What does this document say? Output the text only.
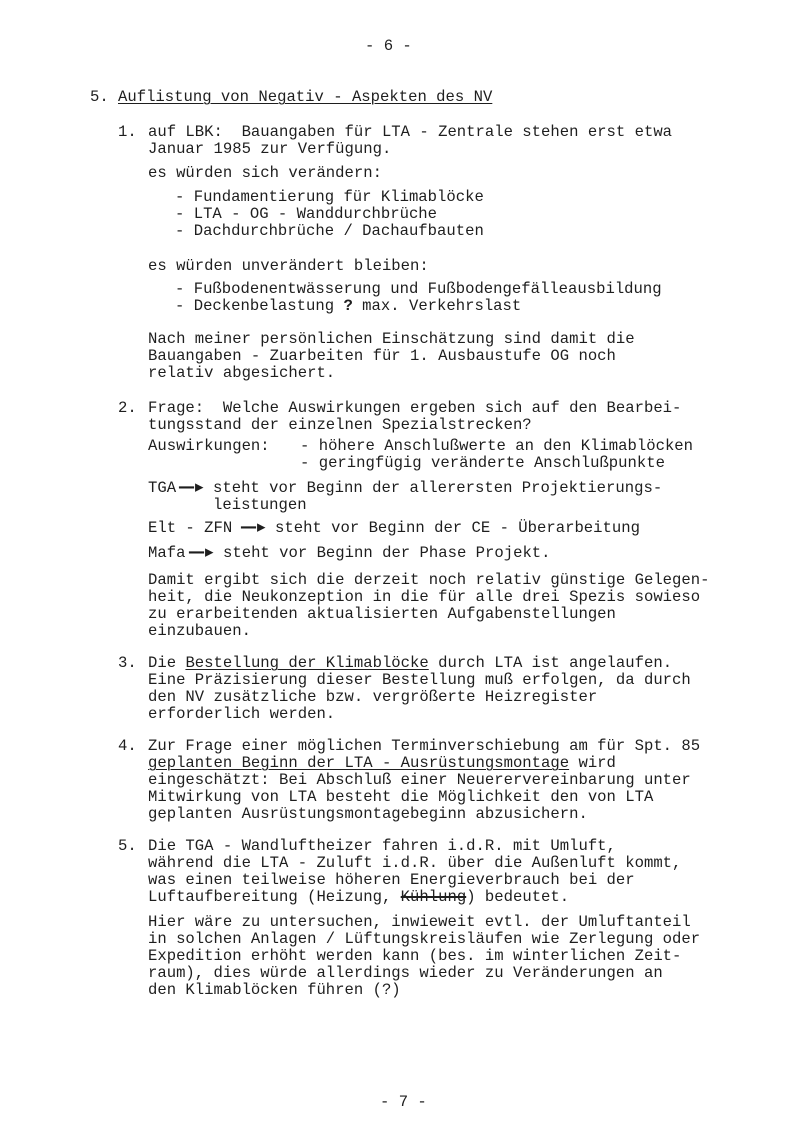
- 6 -
5. Auflistung von Negativ - Aspekten des NV
1. auf LBK:  Bauangaben für LTA - Zentrale stehen erst etwa
Januar 1985 zur Verfügung.
es würden sich verändern:
- Fundamentierung für Klimablöcke
- LTA - OG - Wanddurchbrüche
- Dachdurchbrüche / Dachaufbauten
es würden unverändert bleiben:
- Fußbodenentwässerung und Fußbodengefälleausbildung
- Deckenbelastung ? max. Verkehrslast
Nach meiner persönlichen Einschätzung sind damit die
Bauangaben - Zuarbeiten für 1. Ausbaustufe OG noch
relativ abgesichert.
2. Frage:  Welche Auswirkungen ergeben sich auf den Bearbei-
tungsstand der einzelnen Spezialstrecken?
Auswirkungen: - höhere Anschlußwerte an den Klimablöcken
- geringfügig veränderte Anschlußpunkte
TGA —▸ steht vor Beginn der allerersten Projektierungs-
leistungen
Elt - ZFN —▸ steht vor Beginn der CE - Überarbeitung
Mafa —▸ steht vor Beginn der Phase Projekt.
Damit ergibt sich die derzeit noch relativ günstige Gelegen-
heit, die Neukonzeption in die für alle drei Spezis sowieso
zu erarbeitenden aktualisierten Aufgabenstellungen
einzubauen.
3. Die Bestellung der Klimablöcke durch LTA ist angelaufen.
Eine Präzisierung dieser Bestellung muß erfolgen, da durch
den NV zusätzliche bzw. vergrößerte Heizregister
erforderlich werden.
4. Zur Frage einer möglichen Terminverschiebung am für Spt. 85
geplanten Beginn der LTA - Ausrüstungsmontage wird
eingeschätzt: Bei Abschluß einer Neuerervereinbarung unter
Mitwirkung von LTA besteht die Möglichkeit den von LTA
geplanten Ausrüstungsmontagebeginn abzusichern.
5. Die TGA - Wandluftheizer fahren i.d.R. mit Umluft,
während die LTA - Zuluft i.d.R. über die Außenluft kommt,
was einen teilweise höheren Energieverbrauch bei der
Luftaufbereitung (Heizung, Kühlung) bedeutet.
Hier wäre zu untersuchen, inwieweit evtl. der Umluftanteil
in solchen Anlagen / Lüftungskreisläufen wie Zerlegung oder
Expedition erhöht werden kann (bes. im winterlichen Zeit-
raum), dies würde allerdings wieder zu Veränderungen an
den Klimablöcken führen (?)
- 7 -
